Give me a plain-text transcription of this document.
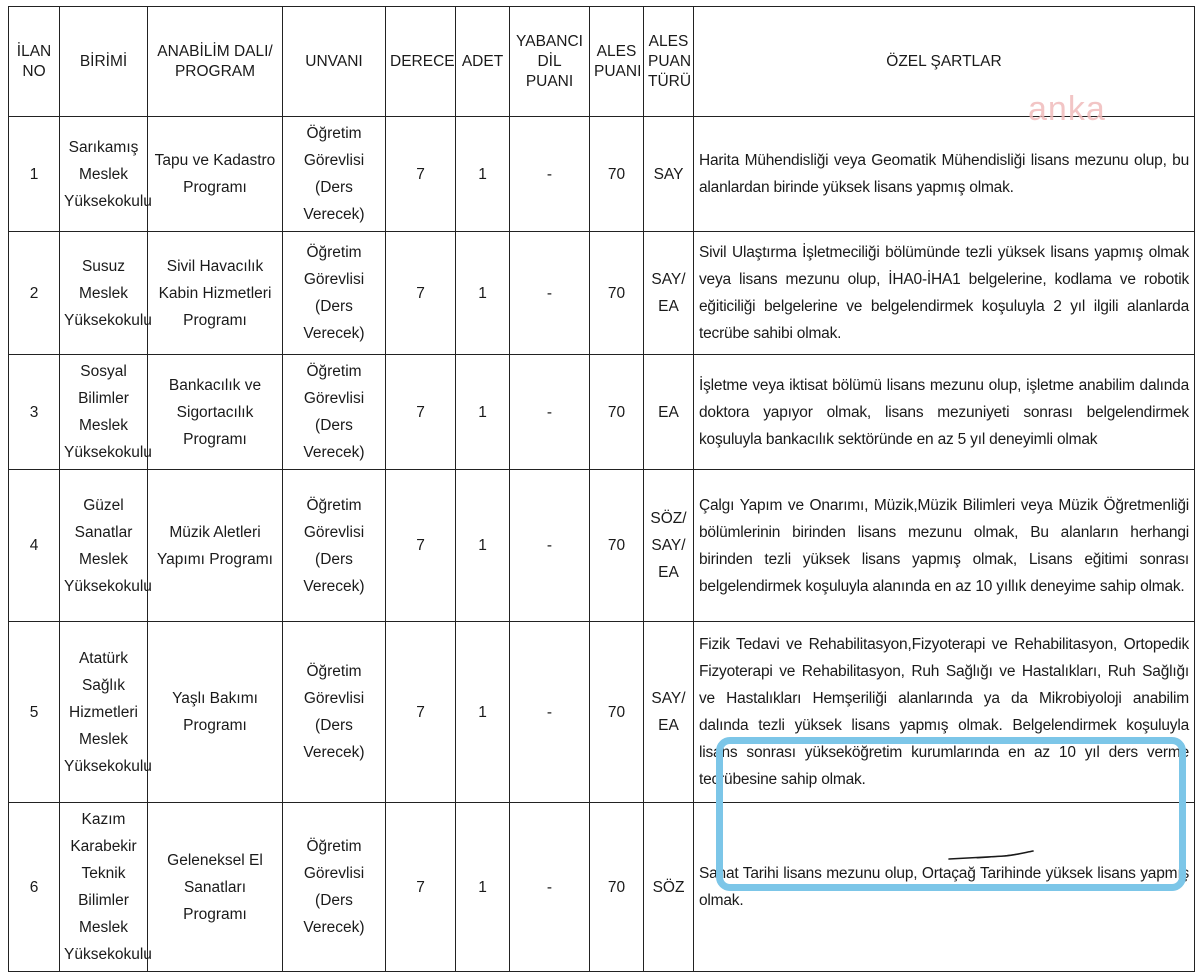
İLAN NO	BİRİMİ	ANABİLİM DALI/ PROGRAM	UNVANI	DERECE	ADET	YABANCI DİL PUANI	ALES PUANI	ALES PUAN TÜRÜ	ÖZEL ŞARTLAR
1	Sarıkamış Meslek Yüksekokulu	Tapu ve Kadastro Programı	Öğretim Görevlisi (Ders Verecek)	7	1	-	70	SAY	Harita Mühendisliği veya Geomatik Mühendisliği lisans mezunu olup, bu alanlardan birinde yüksek lisans yapmış olmak.
2	Susuz Meslek Yüksekokulu	Sivil Havacılık Kabin Hizmetleri Programı	Öğretim Görevlisi (Ders Verecek)	7	1	-	70	SAY/ EA	Sivil Ulaştırma İşletmeciliği bölümünde tezli yüksek lisans yapmış olmak veya lisans mezunu olup, İHA0-İHA1 belgelerine, kodlama ve robotik eğiticiliği belgelerine ve belgelendirmek koşuluyla 2 yıl ilgili alanlarda tecrübe sahibi olmak.
3	Sosyal Bilimler Meslek Yüksekokulu	Bankacılık ve Sigortacılık Programı	Öğretim Görevlisi (Ders Verecek)	7	1	-	70	EA	İşletme veya iktisat bölümü lisans mezunu olup, işletme anabilim dalında doktora yapıyor olmak, lisans mezuniyeti sonrası belgelendirmek koşuluyla bankacılık sektöründe en az 5 yıl deneyimli olmak
4	Güzel Sanatlar Meslek Yüksekokulu	Müzik Aletleri Yapımı Programı	Öğretim Görevlisi (Ders Verecek)	7	1	-	70	SÖZ/ SAY/ EA	Çalgı Yapım ve Onarımı, Müzik,Müzik Bilimleri veya Müzik Öğretmenliği bölümlerinin birinden lisans mezunu olmak, Bu alanların herhangi birinden tezli yüksek lisans yapmış olmak, Lisans eğitimi sonrası belgelendirmek koşuluyla alanında en az 10 yıllık deneyime sahip olmak.
5	Atatürk Sağlık Hizmetleri Meslek Yüksekokulu	Yaşlı Bakımı Programı	Öğretim Görevlisi (Ders Verecek)	7	1	-	70	SAY/ EA	Fizik Tedavi ve Rehabilitasyon,Fizyoterapi ve Rehabilitasyon, Ortopedik Fizyoterapi ve Rehabilitasyon, Ruh Sağlığı ve Hastalıkları, Ruh Sağlığı ve Hastalıkları Hemşeriliği alanlarında ya da Mikrobiyoloji anabilim dalında tezli yüksek lisans yapmış olmak. Belgelendirmek koşuluyla lisans sonrası yükseköğretim kurumlarında en az 10 yıl ders verme tecrübesine sahip olmak.
6	Kazım Karabekir Teknik Bilimler Meslek Yüksekokulu	Geleneksel El Sanatları Programı	Öğretim Görevlisi (Ders Verecek)	7	1	-	70	SÖZ	Sanat Tarihi lisans mezunu olup, Ortaçağ Tarihinde yüksek lisans yapmış olmak.
anka
